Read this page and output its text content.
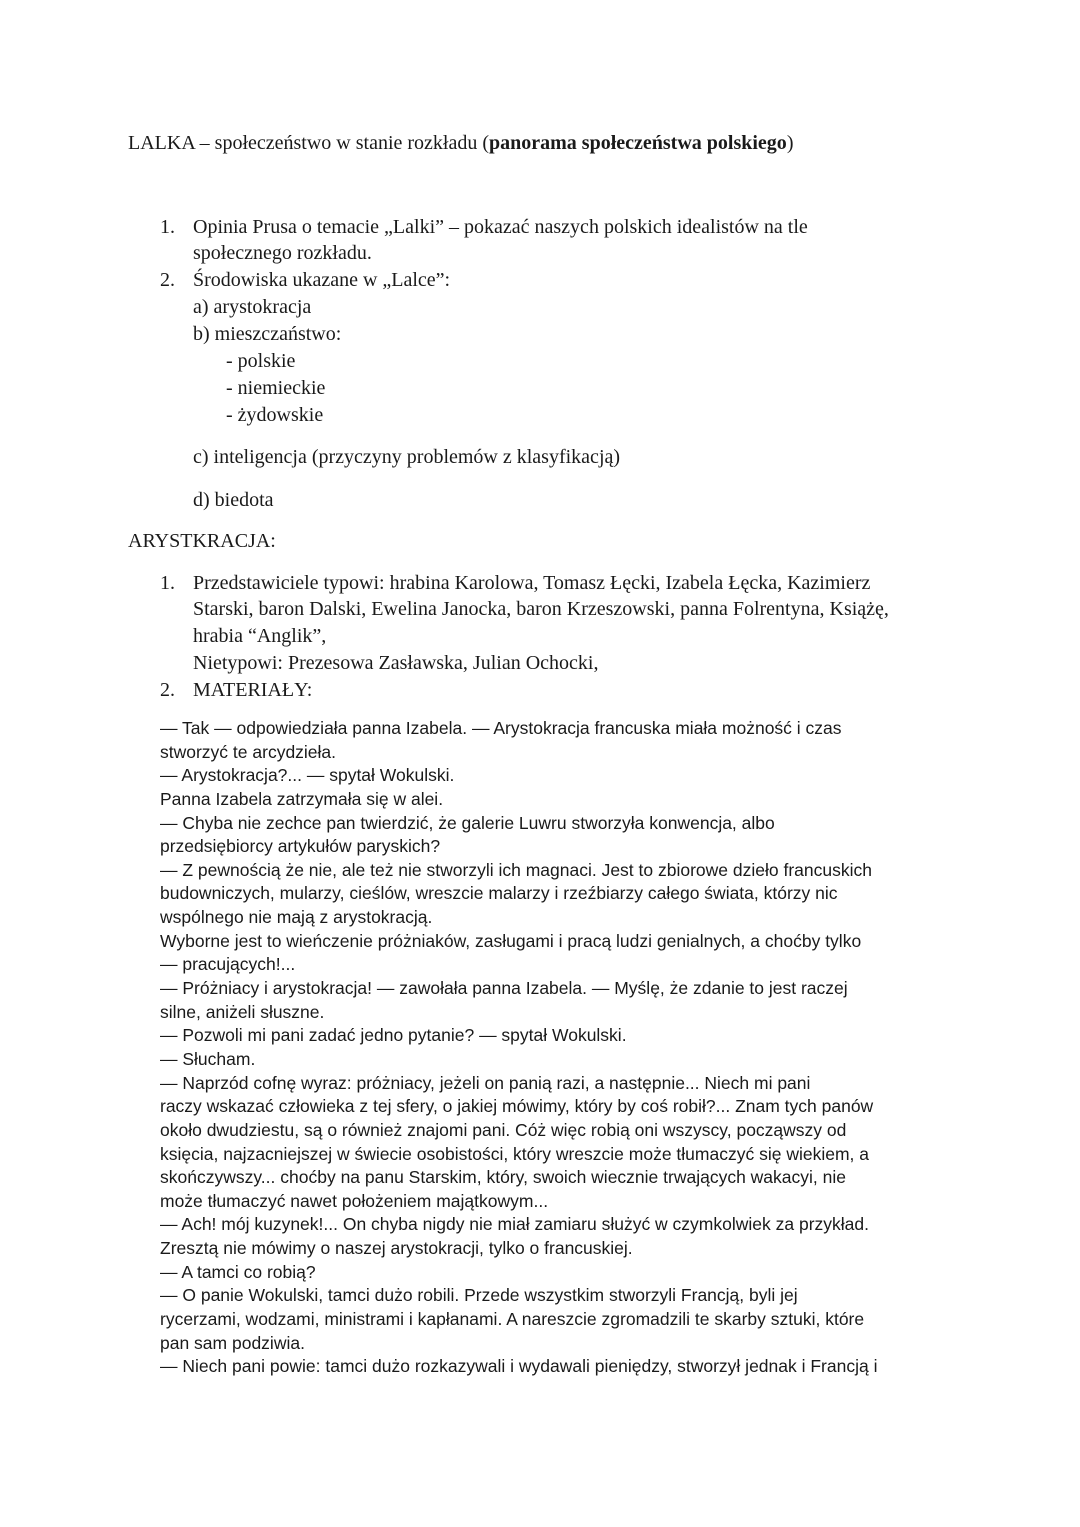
LALKA – społeczeństwo w stanie rozkładu (panorama społeczeństwa polskiego)
1. Opinia Prusa o temacie „Lalki” – pokazać naszych polskich idealistów na tle
społecznego rozkładu.
2. Środowiska ukazane w „Lalce”:
a) arystokracja
b) mieszczaństwo:
- polskie
- niemieckie
- żydowskie
c) inteligencja (przyczyny problemów z klasyfikacją)
d) biedota
ARYSTKRACJA:
1. Przedstawiciele typowi: hrabina Karolowa, Tomasz Łęcki, Izabela Łęcka, Kazimierz
Starski, baron Dalski, Ewelina Janocka, baron Krzeszowski, panna Folrentyna, Książę,
hrabia “Anglik”,
Nietypowi: Prezesowa Zasławska, Julian Ochocki,
2. MATERIAŁY:
— Tak — odpowiedziała panna Izabela. — Arystokracja francuska miała możność i czas
stworzyć te arcydzieła.
— Arystokracja?... — spytał Wokulski.
Panna Izabela zatrzymała się w alei.
— Chyba nie zechce pan twierdzić, że galerie Luwru stworzyła konwencja, albo
przedsiębiorcy artykułów paryskich?
— Z pewnością że nie, ale też nie stworzyli ich magnaci. Jest to zbiorowe dzieło francuskich
budowniczych, mularzy, cieślów, wreszcie malarzy i rzeźbiarzy całego świata, którzy nic
wspólnego nie mają z arystokracją.
Wyborne jest to wieńczenie próżniaków, zasługami i pracą ludzi genialnych, a choćby tylko
— pracujących!...
— Próżniacy i arystokracja! — zawołała panna Izabela. — Myślę, że zdanie to jest raczej
silne, aniżeli słuszne.
— Pozwoli mi pani zadać jedno pytanie? — spytał Wokulski.
— Słucham.
— Naprzód cofnę wyraz: próżniacy, jeżeli on panią razi, a następnie... Niech mi pani
raczy wskazać człowieka z tej sfery, o jakiej mówimy, który by coś robił?... Znam tych panów
około dwudziestu, są o również znajomi pani. Cóż więc robią oni wszyscy, począwszy od
księcia, najzacniejszej w świecie osobistości, który wreszcie może tłumaczyć się wiekiem, a
skończywszy... choćby na panu Starskim, który, swoich wiecznie trwających wakacyi, nie
może tłumaczyć nawet położeniem majątkowym...
— Ach! mój kuzynek!... On chyba nigdy nie miał zamiaru służyć w czymkolwiek za przykład.
Zresztą nie mówimy o naszej arystokracji, tylko o francuskiej.
— A tamci co robią?
— O panie Wokulski, tamci dużo robili. Przede wszystkim stworzyli Francją, byli jej
rycerzami, wodzami, ministrami i kapłanami. A nareszcie zgromadzili te skarby sztuki, które
pan sam podziwia.
— Niech pani powie: tamci dużo rozkazywali i wydawali pieniędzy, stworzył jednak i Francją i
